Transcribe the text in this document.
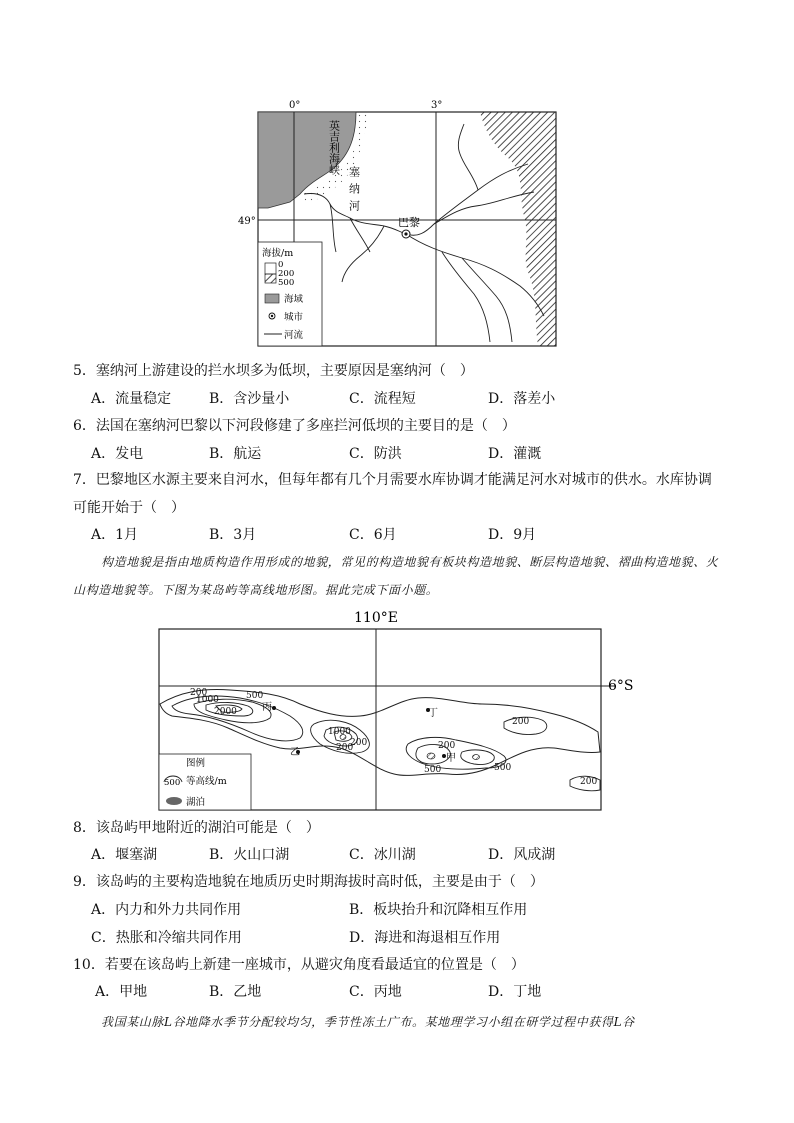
0°	3°
49°
英吉利海峡
塞纳河
巴黎
海拔/m
0
200
500
海域
城市
河流
5．塞纳河上游建设的拦水坝多为低坝，主要原因是塞纳河（　）
A．流量稳定	B．含沙量小	C．流程短	D．落差小
6．法国在塞纳河巴黎以下河段修建了多座拦河低坝的主要目的是（　）
A．发电	B．航运	C．防洪	D．灌溉
7．巴黎地区水源主要来自河水，但每年都有几个月需要水库协调才能满足河水对城市的供水。水库协调可能开始于（　）
A．1月	B．3月	C．6月	D．9月
构造地貌是指由地质构造作用形成的地貌，常见的构造地貌有板块构造地貌、断层构造地貌、褶曲构造地貌、火山构造地貌等。下图为某岛屿等高线地形图。据此完成下面小题。
110°E
6°S
200
1000
2000
500
1000
200
200	200
500	500
200
200
甲
乙
丙
丁
图例
500 等高线/m
湖泊
8．该岛屿甲地附近的湖泊可能是（　）
A．堰塞湖	B．火山口湖	C．冰川湖	D．风成湖
9．该岛屿的主要构造地貌在地质历史时期海拔时高时低，主要是由于（　）
A．内力和外力共同作用	B．板块抬升和沉降相互作用
C．热胀和冷缩共同作用	D．海进和海退相互作用
10．若要在该岛屿上新建一座城市，从避灾角度看最适宜的位置是（　）
A．甲地	B．乙地	C．丙地	D．丁地
我国某山脉L谷地降水季节分配较均匀，季节性冻土广布。某地理学习小组在研学过程中获得L谷
